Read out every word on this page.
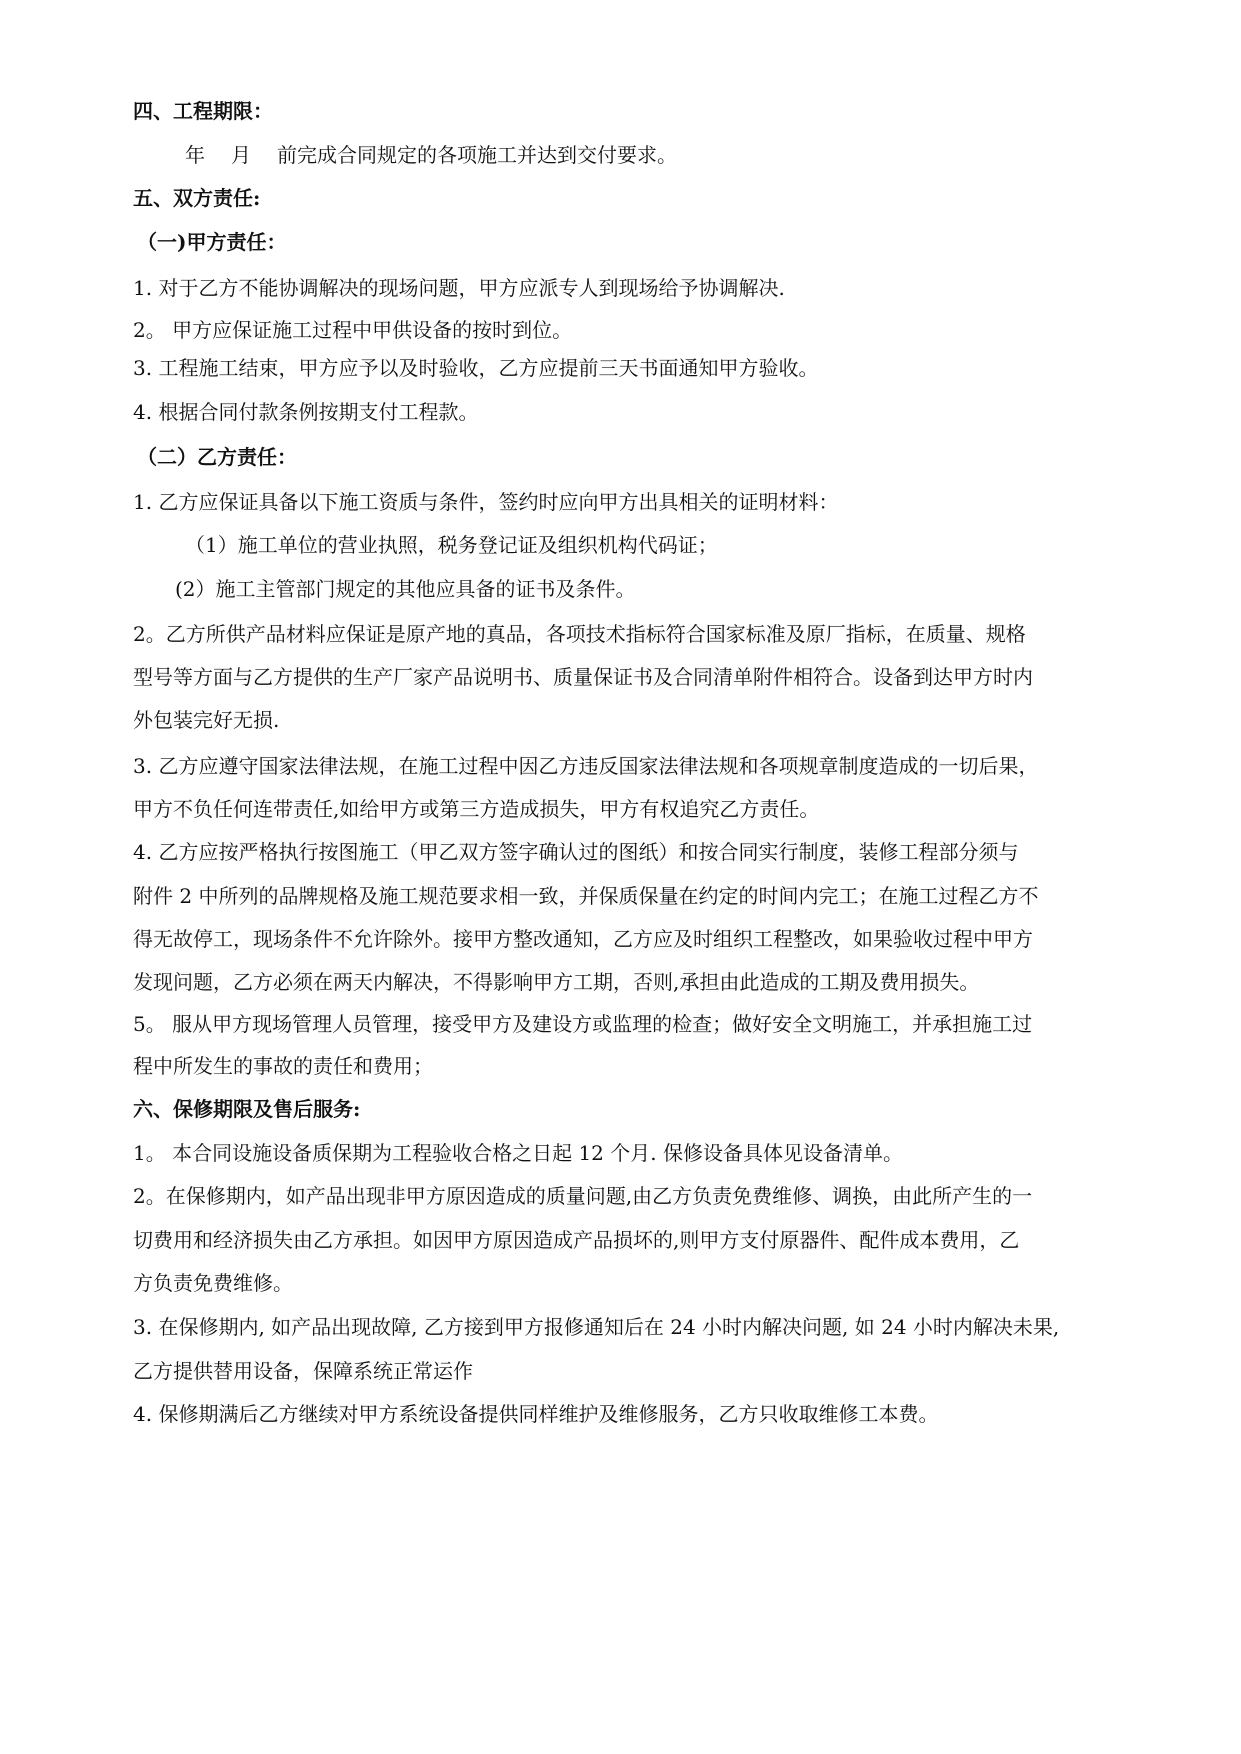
四、工程期限：

年 月 前完成合同规定的各项施工并达到交付要求。

五、双方责任:

（一)甲方责任：

1. 对于乙方不能协调解决的现场问题，甲方应派专人到现场给予协调解决.

2。 甲方应保证施工过程中甲供设备的按时到位。

3. 工程施工结束，甲方应予以及时验收，乙方应提前三天书面通知甲方验收。

4. 根据合同付款条例按期支付工程款。

（二）乙方责任：

1. 乙方应保证具备以下施工资质与条件，签约时应向甲方出具相关的证明材料：

（1）施工单位的营业执照，税务登记证及组织机构代码证；

(2）施工主管部门规定的其他应具备的证书及条件。

2。乙方所供产品材料应保证是原产地的真品，各项技术指标符合国家标准及原厂指标，在质量、规格

型号等方面与乙方提供的生产厂家产品说明书、质量保证书及合同清单附件相符合。设备到达甲方时内

外包装完好无损.

3. 乙方应遵守国家法律法规，在施工过程中因乙方违反国家法律法规和各项规章制度造成的一切后果，

甲方不负任何连带责任,如给甲方或第三方造成损失，甲方有权追究乙方责任。

4. 乙方应按严格执行按图施工（甲乙双方签字确认过的图纸）和按合同实行制度，装修工程部分须与

附件 2 中所列的品牌规格及施工规范要求相一致，并保质保量在约定的时间内完工；在施工过程乙方不

得无故停工，现场条件不允许除外。接甲方整改通知，乙方应及时组织工程整改，如果验收过程中甲方

发现问题，乙方必须在两天内解决，不得影响甲方工期，否则,承担由此造成的工期及费用损失。

5。 服从甲方现场管理人员管理，接受甲方及建设方或监理的检查；做好安全文明施工，并承担施工过

程中所发生的事故的责任和费用；

六、保修期限及售后服务:

1。 本合同设施设备质保期为工程验收合格之日起 12 个月. 保修设备具体见设备清单。

2。在保修期内，如产品出现非甲方原因造成的质量问题,由乙方负责免费维修、调换，由此所产生的一

切费用和经济损失由乙方承担。如因甲方原因造成产品损坏的,则甲方支付原器件、配件成本费用，乙

方负责免费维修。

3. 在保修期内, 如产品出现故障, 乙方接到甲方报修通知后在 24 小时内解决问题, 如 24 小时内解决未果,

乙方提供替用设备，保障系统正常运作

4. 保修期满后乙方继续对甲方系统设备提供同样维护及维修服务，乙方只收取维修工本费。
